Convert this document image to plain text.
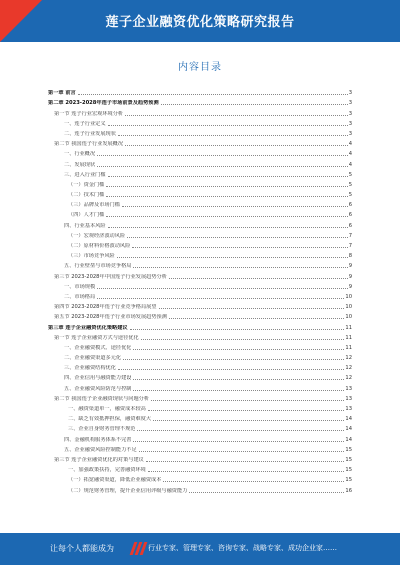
莲子企业融资优化策略研究报告
内容目录
第一章 前言	3
第二章 2023-2028年莲子市场前景及趋势预测	3
第一节 莲子行业宏观环境分析	3
一、莲子行业定义	3
二、莲子行业发展现状	3
第二节 我国莲子行业发展概况	4
一、行业概况	4
二、发展现状	4
三、进入行业门槛	5
（一）资金门槛	5
（二）技术门槛	5
（三）品牌及市场门槛	6
（四）人才门槛	6
四、行业基本风险	6
（一）宏观经济波动风险	7
（二）原材料价格波动风险	7
（三）市场竞争风险	8
五、行业壁垒与市场竞争格局	9
第三节 2023-2028年中国莲子行业发展趋势分析	9
一、市场规模	9
二、市场格局	10
第四节 2023-2028年莲子行业竞争格局展望	10
第五节 2023-2028年莲子行业市场发展趋势预测	10
第三章 莲子企业融资优化策略建议	11
第一节 莲子企业融资方式与途径优化	11
一、企业融资模式、途径优化	11
二、企业融资渠道多元化	12
三、企业融资结构优化	12
四、企业信用与融资能力建设	12
五、企业融资风险防范与控制	13
第二节 我国莲子企业融资现状与问题分析	13
一、融资渠道单一，融资成本较高	13
二、缺乏有效抵押担保，融资难度大	14
三、企业自身财务管理不规范	14
四、金融机构服务体系不完善	14
五、企业融资风险控制能力不足	15
第三节 莲子企业融资优化的对策与建议	15
一、加强政策扶持，完善融资环境	15
（一）拓宽融资渠道，降低企业融资成本	15
（二）规范财务管理，提升企业信用评级与融资能力	16
让每个人都能成为	行业专家、管理专家、咨询专家、战略专家、成功企业家……
